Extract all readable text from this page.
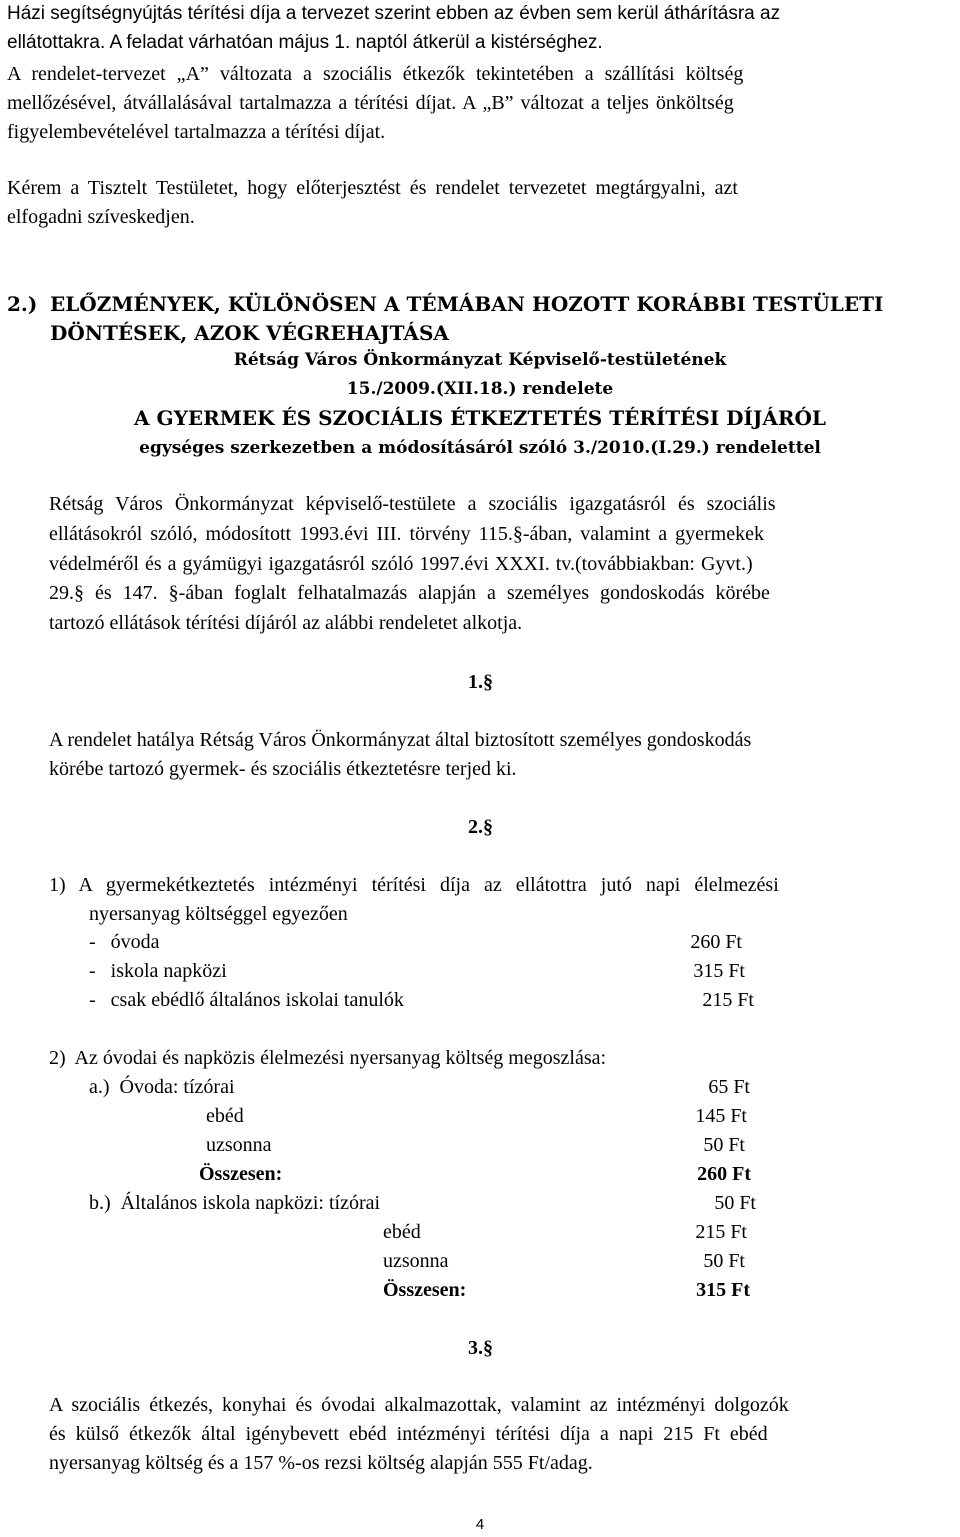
Házi segítségnyújtás térítési díja a tervezet szerint ebben az évben sem kerül áthárításra az
ellátottakra. A feladat várhatóan május 1. naptól átkerül a kistérséghez.
A rendelet-tervezet „A” változata a szociális étkezők tekintetében a szállítási költség
mellőzésével, átvállalásával tartalmazza a térítési díjat. A „B” változat a teljes önköltség
figyelembevételével tartalmazza a térítési díjat.
Kérem a Tisztelt Testületet, hogy előterjesztést és rendelet tervezetet megtárgyalni, azt
elfogadni szíveskedjen.
2.) ELŐZMÉNYEK, KÜLÖNÖSEN A TÉMÁBAN HOZOTT KORÁBBI TESTÜLETI
DÖNTÉSEK, AZOK VÉGREHAJTÁSA
Rétság Város Önkormányzat Képviselő-testületének
15./2009.(XII.18.) rendelete
A GYERMEK ÉS SZOCIÁLIS ÉTKEZTETÉS TÉRÍTÉSI DÍJÁRÓL
egységes szerkezetben a módosításáról szóló 3./2010.(I.29.) rendelettel
Rétság Város Önkormányzat képviselő-testülete a szociális igazgatásról és szociális
ellátásokról szóló, módosított 1993.évi III. törvény 115.§-ában, valamint a gyermekek
védelméről és a gyámügyi igazgatásról szóló 1997.évi XXXI. tv.(továbbiakban: Gyvt.)
29.§ és 147. §-ában foglalt felhatalmazás alapján a személyes gondoskodás körébe
tartozó ellátások térítési díjáról az alábbi rendeletet alkotja.
1.§
A rendelet hatálya Rétság Város Önkormányzat által biztosított személyes gondoskodás
körébe tartozó gyermek- és szociális étkeztetésre terjed ki.
2.§
1) A gyermekétkeztetés intézményi térítési díja az ellátottra jutó napi élelmezési
nyersanyag költséggel egyezően
-   óvoda	260 Ft
-   iskola napközi	315 Ft
-   csak ebédlő általános iskolai tanulók	215 Ft
2)  Az óvodai és napközis élelmezési nyersanyag költség megoszlása:
a.)  Óvoda: tízórai	65 Ft
ebéd	145 Ft
uzsonna	50 Ft
Összesen:	260 Ft
b.)  Általános iskola napközi: tízórai	50 Ft
ebéd	215 Ft
uzsonna	50 Ft
Összesen:	315 Ft
3.§
A szociális étkezés, konyhai és óvodai alkalmazottak, valamint az intézményi dolgozók
és külső étkezők által igénybevett ebéd intézményi térítési díja a napi 215 Ft ebéd
nyersanyag költség és a 157 %-os rezsi költség alapján 555 Ft/adag.
4
